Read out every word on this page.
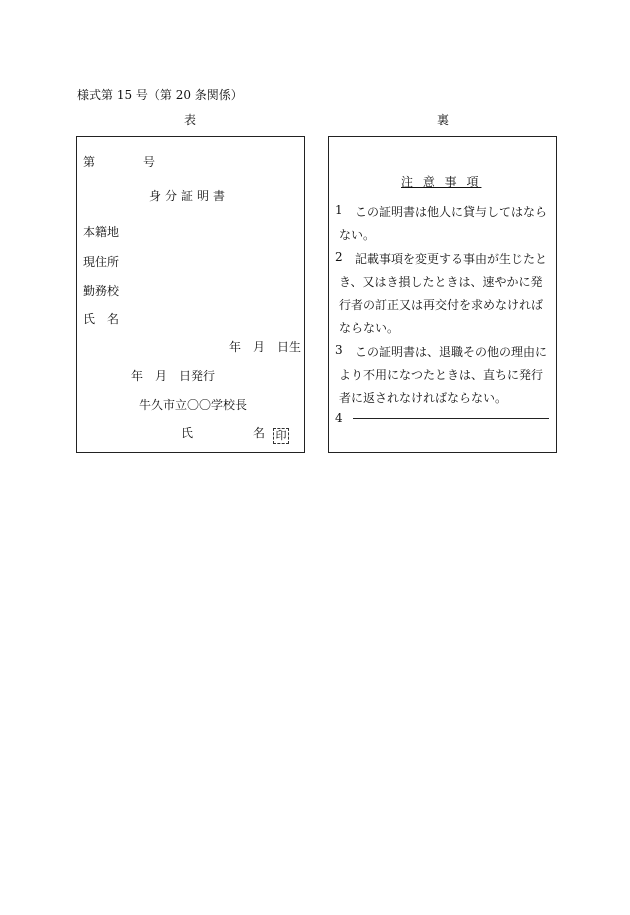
様式第 15 号（第 20 条関係）
表	裏
第	号
身分証明書
本籍地
現住所
勤務校
氏　名
年　月　日生
年　月　日発行
牛久市立〇〇学校長
氏	名 印
注 意 事 項
1 この証明書は他人に貸与してはなら
ない。
2 記載事項を変更する事由が生じたと
き、又はき損したときは、速やかに発
行者の訂正又は再交付を求めなければ
ならない。
3 この証明書は、退職その他の理由に
より不用になつたときは、直ちに発行
者に返されなければならない。
4
